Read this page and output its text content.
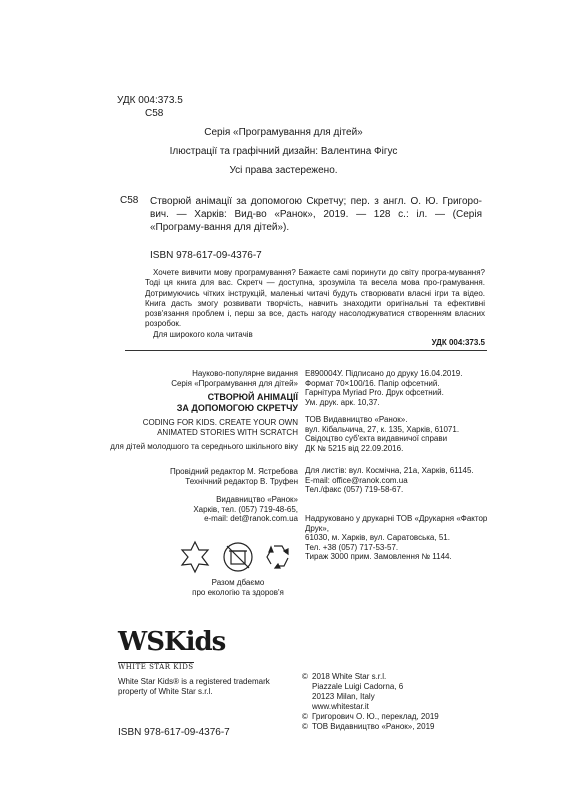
УДК 004:373.5
С58
Серія «Програмування для дітей»
Ілюстрації та графічний дизайн: Валентина Фігус
Усі права застережено.
С58 Створюй анімації за допомогою Скретчу; пер. з англ. О. Ю. Григоро-вич. — Харків: Вид-во «Ранок», 2019. — 128 с.: іл. — (Серія «Програму-вання для дітей»).
ISBN 978-617-09-4376-7

Хочете вивчити мову програмування? Бажаєте самі поринути до світу програ-мування? Тоді ця книга для вас. Скретч — доступна, зрозуміла та весела мова про-грамування. Дотримуючись чітких інструкцій, маленькі читачі будуть створювати власні ігри та відео. Книга дасть змогу розвивати творчість, навчить знаходити оригінальні та ефективні розв'язання проблем і, перш за все, дасть нагоду насолоджуватися створенням власних розробок.

Для широкого кола читачів

УДК 004:373.5

Науково-популярне видання

Серія «Програмування для дітей»

СТВОРЮЙ АНІМАЦІЇ

ЗА ДОПОМОГОЮ СКРЕТЧУ

CODING FOR KIDS. CREATE YOUR OWN

ANIMATED STORIES WITH SCRATCH

для дітей молодшого та середнього шкільного віку

Провідний редактор М. Ястребова

Технічний редактор В. Труфен

Видавництво «Ранок»

Харків, тел. (057) 719-48-65,

e-mail: det@ranok.com.ua

Е890004У. Підписано до друку 16.04.2019.

Формат 70×100/16. Папір офсетний.

Гарнітура Myriad Pro. Друк офсетний.

Ум. друк. арк. 10,37.

ТОВ Видавництво «Ранок».

вул. Кібальчича, 27, к. 135, Харків, 61071.

Свідоцтво суб'єкта видавничої справи

ДК № 5215 від 22.09.2016.

Для листів: вул. Космічна, 21а, Харків, 61145.

E-mail: office@ranok.com.ua

Тел./факс (057) 719-58-67.

Надруковано у друкарні ТОВ «Друкарня «Фактор Друк»,

61030, м. Харків, вул. Саратовська, 51.

Тел. +38 (057) 717-53-57.

Тираж 3000 прим. Замовлення № 1144.

Разом дбаємо

про екологію та здоров'я

WSKids
WHITE STAR KIDS

White Star Kids® is a registered trademark

property of White Star s.r.l.

ISBN 978-617-09-4376-7
© 2018 White Star s.r.l.

Piazzale Luigi Cadorna, 6

20123 Milan, Italy

www.whitestar.it

© Григорович О. Ю., переклад, 2019

© ТОВ Видавництво «Ранок», 2019
